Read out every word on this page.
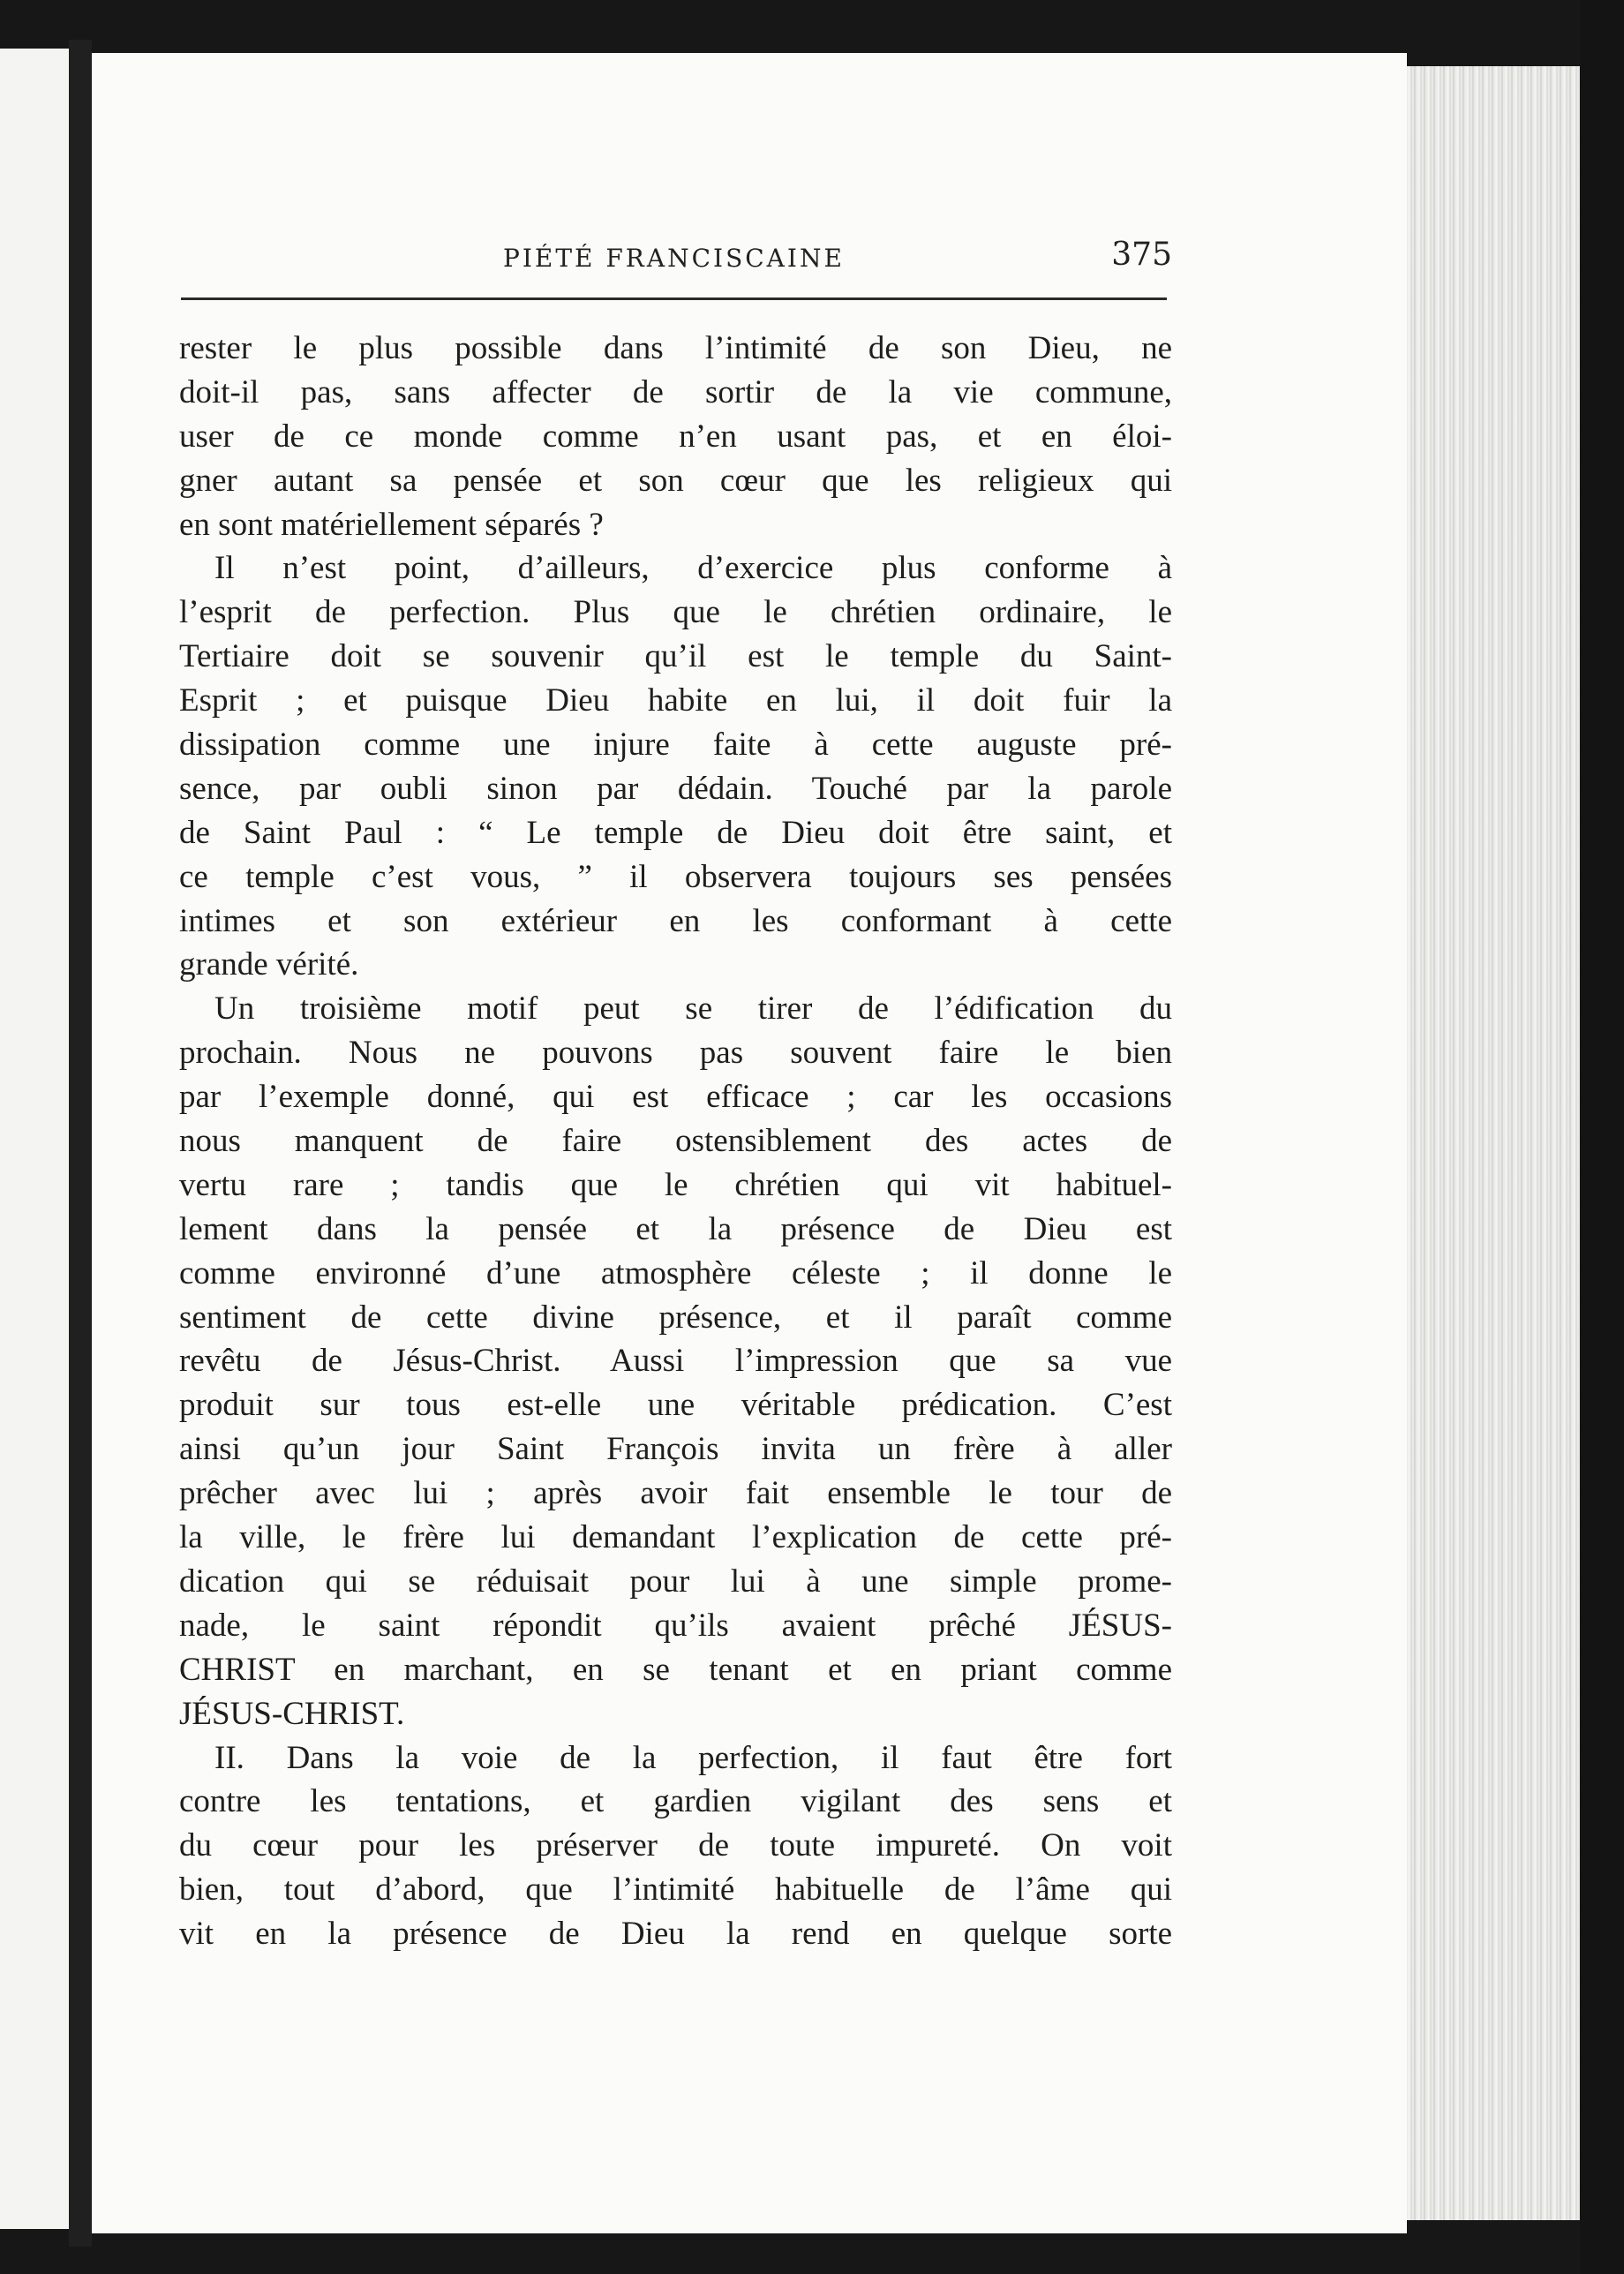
PIÉTÉ FRANCISCAINE	375
rester le plus possible dans l’intimité de son Dieu, ne
doit-il pas, sans affecter de sortir de la vie commune,
user de ce monde comme n’en usant pas, et en éloi-
gner autant sa pensée et son cœur que les religieux qui
en sont matériellement séparés ?
Il n’est point, d’ailleurs, d’exercice plus conforme à
l’esprit de perfection. Plus que le chrétien ordinaire, le
Tertiaire doit se souvenir qu’il est le temple du Saint-
Esprit ; et puisque Dieu habite en lui, il doit fuir la
dissipation comme une injure faite à cette auguste pré-
sence, par oubli sinon par dédain. Touché par la parole
de Saint Paul : “ Le temple de Dieu doit être saint, et
ce temple c’est vous, ” il observera toujours ses pensées
intimes et son extérieur en les conformant à cette
grande vérité.
Un troisième motif peut se tirer de l’édification du
prochain. Nous ne pouvons pas souvent faire le bien
par l’exemple donné, qui est efficace ; car les occasions
nous manquent de faire ostensiblement des actes de
vertu rare ; tandis que le chrétien qui vit habituel-
lement dans la pensée et la présence de Dieu est
comme environné d’une atmosphère céleste ; il donne le
sentiment de cette divine présence, et il paraît comme
revêtu de Jésus-Christ. Aussi l’impression que sa vue
produit sur tous est-elle une véritable prédication. C’est
ainsi qu’un jour Saint François invita un frère à aller
prêcher avec lui ; après avoir fait ensemble le tour de
la ville, le frère lui demandant l’explication de cette pré-
dication qui se réduisait pour lui à une simple prome-
nade, le saint répondit qu’ils avaient prêché JÉSUS-
CHRIST en marchant, en se tenant et en priant comme
JÉSUS-CHRIST.
II. Dans la voie de la perfection, il faut être fort
contre les tentations, et gardien vigilant des sens et
du cœur pour les préserver de toute impureté. On voit
bien, tout d’abord, que l’intimité habituelle de l’âme qui
vit en la présence de Dieu la rend en quelque sorte
